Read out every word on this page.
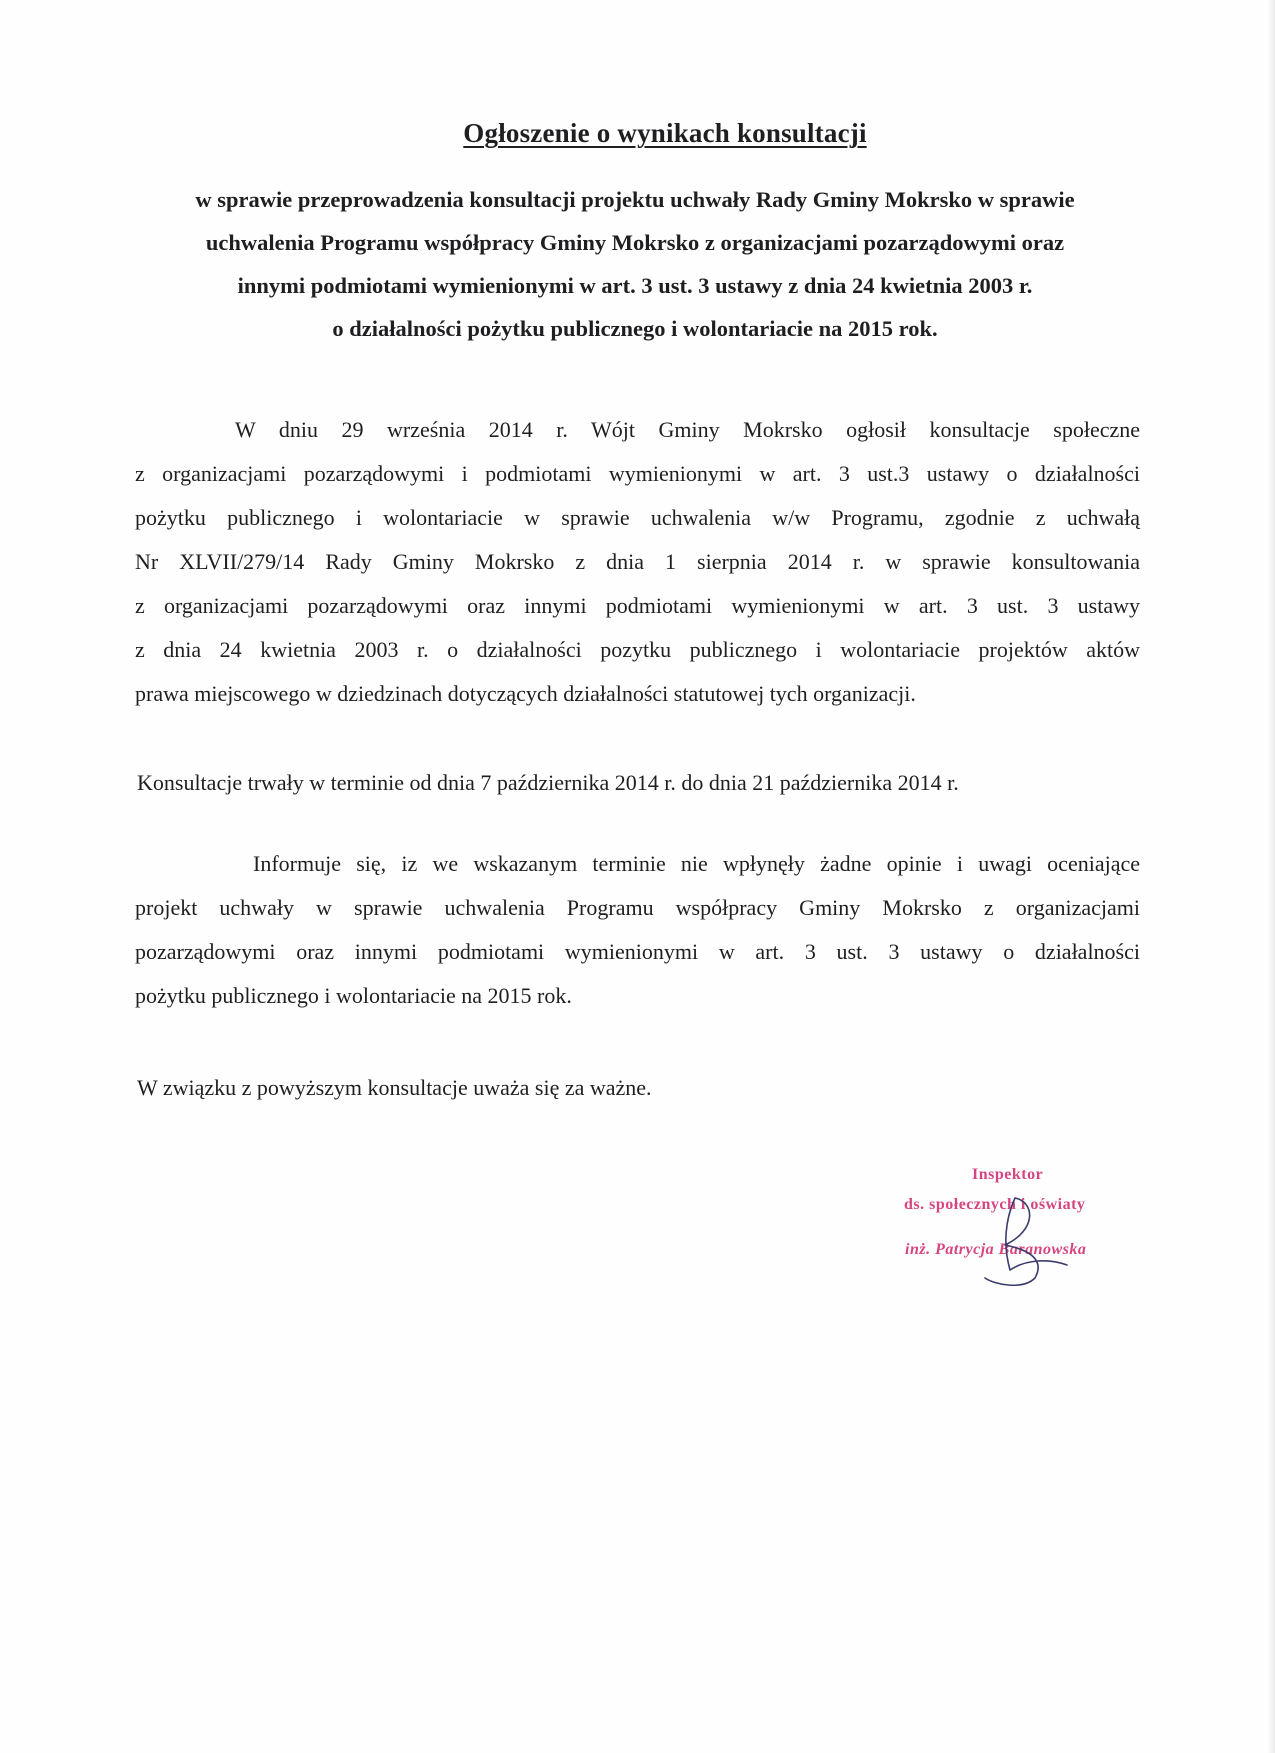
Ogłoszenie o wynikach konsultacji
w sprawie przeprowadzenia konsultacji projektu uchwały Rady Gminy Mokrsko w sprawie
uchwalenia Programu współpracy Gminy Mokrsko z organizacjami pozarządowymi oraz
innymi podmiotami wymienionymi w art. 3 ust. 3 ustawy z dnia 24 kwietnia 2003 r.
o działalności pożytku publicznego i wolontariacie na 2015 rok.
W dniu 29 września 2014 r. Wójt Gminy Mokrsko ogłosił konsultacje społeczne
z organizacjami pozarządowymi i podmiotami wymienionymi w art. 3 ust.3 ustawy o działalności
pożytku publicznego i wolontariacie w sprawie uchwalenia w/w Programu, zgodnie z uchwałą
Nr XLVII/279/14 Rady Gminy Mokrsko z dnia 1 sierpnia 2014 r. w sprawie konsultowania
z organizacjami pozarządowymi oraz innymi podmiotami wymienionymi w art. 3 ust. 3 ustawy
z dnia 24 kwietnia 2003 r. o działalności pozytku publicznego i wolontariacie projektów aktów
prawa miejscowego w dziedzinach dotyczących działalności statutowej tych organizacji.
Konsultacje trwały w terminie od dnia 7 października 2014 r. do dnia 21 października 2014 r.
Informuje się, iz we wskazanym terminie nie wpłynęły żadne opinie i uwagi oceniające
projekt uchwały w sprawie uchwalenia Programu współpracy Gminy Mokrsko z organizacjami
pozarządowymi oraz innymi podmiotami wymienionymi w art. 3 ust. 3 ustawy o działalności
pożytku publicznego i wolontariacie na 2015 rok.
W związku z powyższym konsultacje uważa się za ważne.
Inspektor
ds. społecznych i oświaty
inż. Patrycja Baranowska
